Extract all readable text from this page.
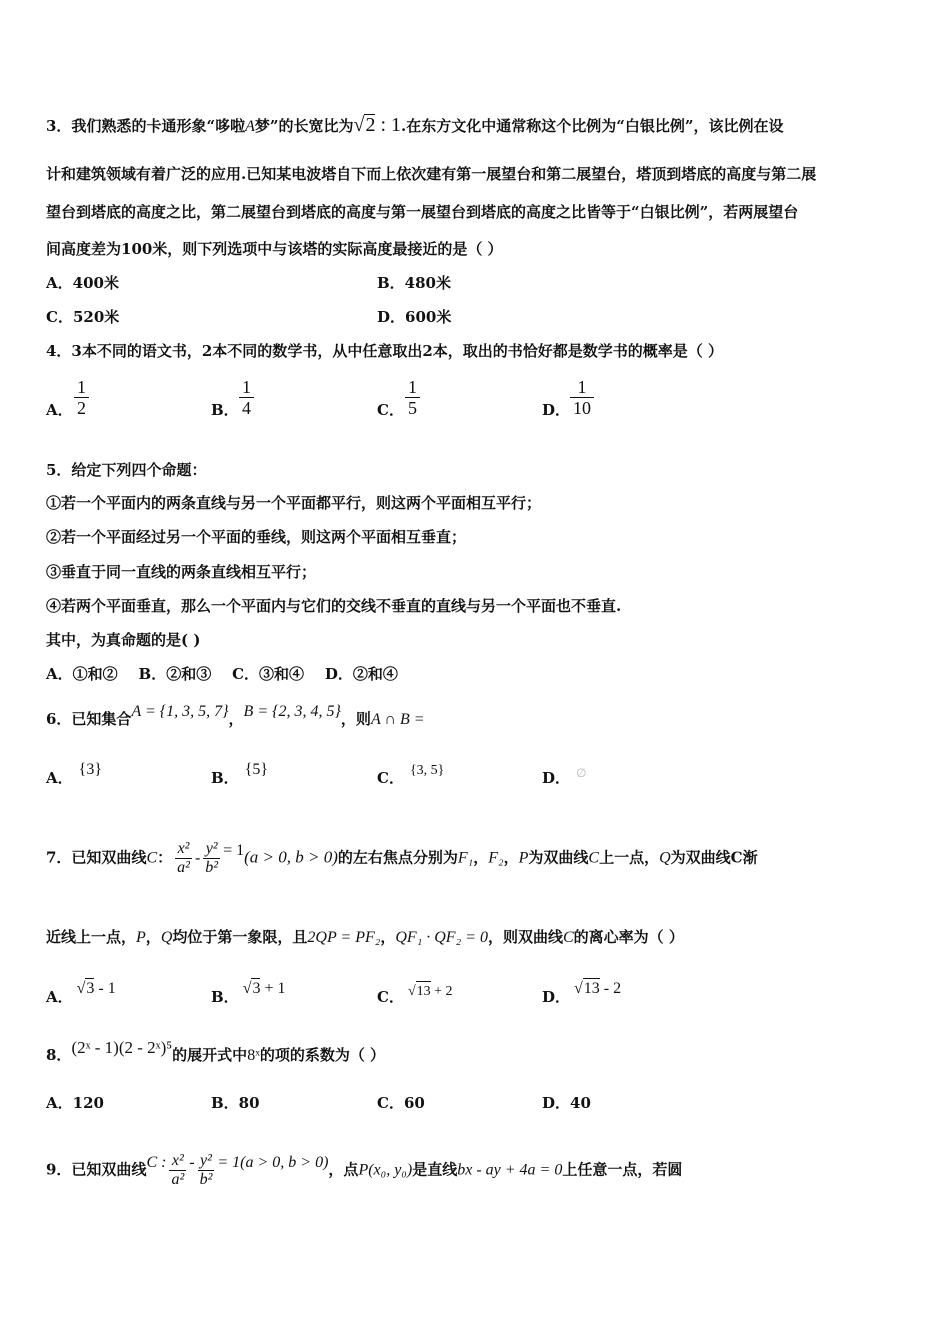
3．我们熟悉的卡通形象“哆啦A梦”的长宽比为√2 : 1.在东方文化中通常称这个比例为“白银比例”，该比例在设
计和建筑领域有着广泛的应用.已知某电波塔自下而上依次建有第一展望台和第二展望台，塔顶到塔底的高度与第二展
望台到塔底的高度之比，第二展望台到塔底的高度与第一展望台到塔底的高度之比皆等于“白银比例”，若两展望台
间高度差为100米，则下列选项中与该塔的实际高度最接近的是（ ）
A．400米	B．480米
C．520米	D．600米
4．3本不同的语文书，2本不同的数学书，从中任意取出2本，取出的书恰好都是数学书的概率是（ ）
A． $\frac{1}{2}$	B． $\frac{1}{4}$	C． $\frac{1}{5}$	D． $\frac{1}{10}$
5．给定下列四个命题：
①若一个平面内的两条直线与另一个平面都平行，则这两个平面相互平行；
②若一个平面经过另一个平面的垂线，则这两个平面相互垂直；
③垂直于同一直线的两条直线相互平行；
④若两个平面垂直，那么一个平面内与它们的交线不垂直的直线与另一个平面也不垂直.
其中，为真命题的是( )
A．①和②    B．②和③    C．③和④    D．②和④
6．已知集合A = {1, 3, 5, 7}，B = {2, 3, 4, 5}，则A ∩ B =
A． {3}	B． {5}	C． {3, 5}	D． ∅
7．已知双曲线C： $\frac{\text{x²}}{\text{a²}} - \frac{\text{y²}}{\text{b²}} = 1(a > 0$, b > 0)的左右焦点分别为F₁，F₂，P为双曲线C上一点，Q为双曲线C渐
近线上一点，P，Q均位于第一象限，且2QP = PF₂，QF₁ · QF₂ = 0，则双曲线C的离心率为（ ）
A． √3 - 1	B． √3 + 1	C． √13 + 2	D． √13 - 2
8．(2ˣ - 1)(2 - 2ˣ)⁵的展开式中8ˣ的项的系数为（ ）
A．120	B．80	C．60	D．40
9．已知双曲线C : $\frac{\text{x²}}{\text{a²}} - \frac{\text{y²}}{\text{b²}} = 1(a > 0$, b > 0)，点P(x₀, y₀)是直线bx - ay + 4a = 0上任意一点，若圆
